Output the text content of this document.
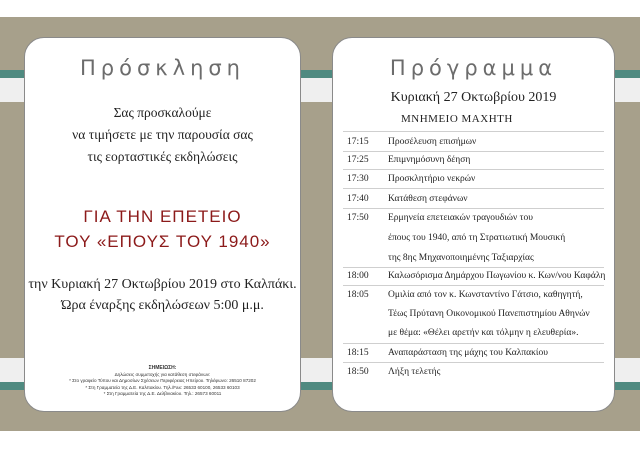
Πρόσκληση
Σας προσκαλούμε
να τιμήσετε με την παρουσία σας
τις εορταστικές εκδηλώσεις
ΓΙΑ ΤΗΝ ΕΠΕΤΕΙΟ
ΤΟΥ «ΕΠΟΥΣ ΤΟΥ 1940»
την Κυριακή 27 Οκτωβρίου 2019 στο Καλπάκι.
Ώρα έναρξης εκδηλώσεων 5:00 μ.μ.
ΣΗΜΕΙΩΣΗ:
Δηλώσεις συμμετοχής για κατάθεση στεφάνων:
* Στο γραφείο Τύπου και Δημοσίων Σχέσεων Περιφέρειας Ηπείρου. Τηλέφωνο: 26510 87202
* Στη Γραμματεία της Δ.Ε. Καλπακίου. Τηλ./Fax: 26533 60100, 26533 60103
* Στη Γραμματεία της Δ.Ε. Δελβινακίου. Τηλ.: 26573 60011
Πρόγραμμα
Κυριακή 27 Οκτωβρίου 2019
ΜΝΗΜΕΙΟ ΜΑΧΗΤΗ
17:15 Προσέλευση επισήμων
17:25 Επιμνημόσυνη δέηση
17:30 Προσκλητήριο νεκρών
17:40 Κατάθεση στεφάνων
17:50 Ερμηνεία επετειακών τραγουδιών του
έπους του 1940, από τη Στρατιωτική Μουσική
της 8ης Μηχανοποιημένης Ταξιαρχίας
18:00 Καλωσόρισμα Δημάρχου Πωγωνίου κ. Κων/νου Καφάλη
18:05 Ομιλία από τον κ. Κωνσταντίνο Γάτσιο, καθηγητή,
Τέως Πρύτανη Οικονομικού Πανεπιστημίου Αθηνών
με θέμα: «Θέλει αρετήν και τόλμην η ελευθερία».
18:15 Αναπαράσταση της μάχης του Καλπακίου
18:50 Λήξη τελετής
